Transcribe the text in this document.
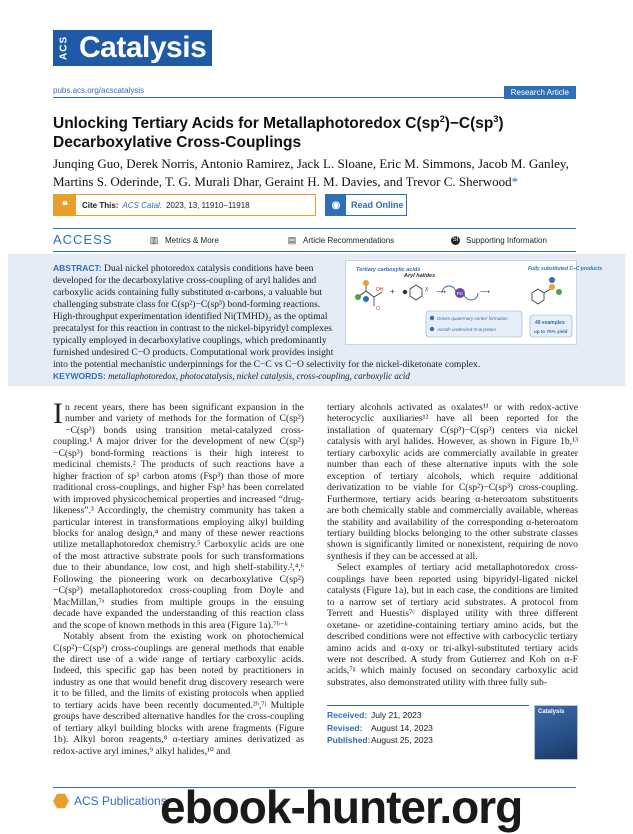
ACS Catalysis
pubs.acs.org/acscatalysis	Research Article
Unlocking Tertiary Acids for Metallaphotoredox $C(sp^2)-C(sp^3)$
Decarboxylative Cross-Couplings
Junqing Guo, Derek Norris, Antonio Ramirez, Jack L. Sloane, Eric M. Simmons, Jacob M. Ganley, Martins S. Oderinde, T. G. Murali Dhar, Geraint H. M. Davies, and Trevor C. Sherwood*
❝	Cite This: ACS Catal. 2023, 13, 11910−11918	◉	Read Online
ACCESS	▥ Metrics & More	▤ Article Recommendations	SI Supporting Information
ABSTRACT: Dual nickel photoredox catalysis conditions have been developed for the decarboxylative cross-coupling of aryl halides and carboxylic acids containing fully substituted α-carbons, a valuable but challenging substrate class for C(sp²)−C(sp³) bond-forming reactions. High-throughput experimentation identified Ni(TMHD)₂ as the optimal precatalyst for this reaction in contrast to the nickel-bipyridyl complexes typically employed in decarboxylative couplings, which predominantly furnished undesired C−O products. Computational work provides insight into the potential mechanistic underpinnings for the C−C vs C−O selectivity for the nickel-diketonate complex.
Tertiary carboxylic acids
OH
O
+
Aryl halides
X
PC
⟶	⟶
Drives quaternary center formation
Avoids undesired O-arylation
Fully substituted C–C products
49 examples
up to 70% yield
KEYWORDS: metallaphotoredox, photocatalysis, nickel catalysis, cross-coupling, carboxylic acid

In recent years, there has been significant expansion in the number and variety of methods for the formation of C(sp²)−C(sp³) bonds using transition metal-catalyzed cross-coupling.¹ A major driver for the development of new C(sp²)−C(sp³) bond-forming reactions is their high interest to medicinal chemists.² The products of such reactions have a higher fraction of sp³ carbon atoms (Fsp³) than those of more traditional cross-couplings, and higher Fsp³ has been correlated with improved physicochemical properties and increased “drug-likeness”.³ Accordingly, the chemistry community has taken a particular interest in transformations employing alkyl building blocks for analog design,⁴ and many of these newer reactions utilize metallaphotoredox chemistry.⁵ Carboxylic acids are one of the most attractive substrate pools for such transformations due to their abundance, low cost, and high shelf-stability.²,⁴,⁶ Following the pioneering work on decarboxylative C(sp²)−C(sp³) metallaphotoredox cross-coupling from Doyle and MacMillan,⁷ᵃ studies from multiple groups in the ensuing decade have expanded the understanding of this reaction class and the scope of known methods in this area (Figure 1a).⁷ᵇ⁻ᵏ

Notably absent from the existing work on photochemical C(sp²)−C(sp³) cross-couplings are general methods that enable the direct use of a wide range of tertiary carboxylic acids. Indeed, this specific gap has been noted by practitioners in industry as one that would benefit drug discovery research were it to be filled, and the limits of existing protocols when applied to tertiary acids have been recently documented.²ᵇ,⁷ʲ Multiple groups have described alternative handles for the cross-coupling of tertiary alkyl building blocks with arene fragments (Figure 1b). Alkyl boron reagents,⁸ α-tertiary amines derivatized as redox-active aryl imines,⁹ alkyl halides,¹⁰ and

tertiary alcohols activated as oxalates¹¹ or with redox-active heterocyclic auxiliaries¹² have all been reported for the installation of quaternary C(sp³)−C(sp³) centers via nickel catalysis with aryl halides. However, as shown in Figure 1b,¹³ tertiary carboxylic acids are commercially available in greater number than each of these alternative inputs with the sole exception of tertiary alcohols, which require additional derivatization to be viable for C(sp²)−C(sp³) cross-coupling. Furthermore, tertiary acids bearing α-heteroatom substituents are both chemically stable and commercially available, whereas the stability and availability of the corresponding α-heteroatom tertiary building blocks belonging to the other substrate classes shown is significantly limited or nonexistent, requiring de novo synthesis if they can be accessed at all.

Select examples of tertiary acid metallaphotoredox cross-couplings have been reported using bipyridyl-ligated nickel catalysts (Figure 1a), but in each case, the conditions are limited to a narrow set of tertiary acid substrates. A protocol from Terrett and Huestis⁷ᶜ displayed utility with three different oxetane- or azetidine-containing tertiary amino acids, but the described conditions were not effective with carbocyclic tertiary amino acids and α-oxy or tri-alkyl-substituted tertiary acids were not described. A study from Gutierrez and Koh on α-F acids,⁷ᵍ which mainly focused on secondary carboxylic acid substrates, also demonstrated utility with three fully sub-

Received: July 21, 2023
Revised: August 14, 2023
Published:August 25, 2023
Catalysis
ACS Publications
ebook-hunter.org
